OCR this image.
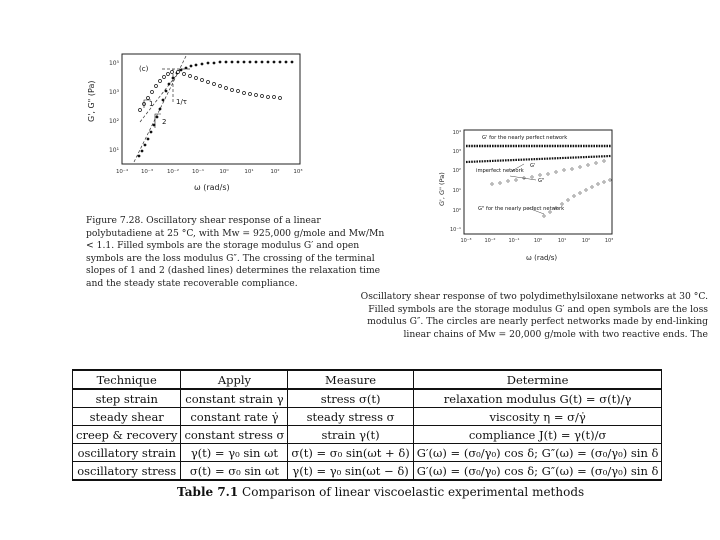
G', G" (Pa)
10⁵
10³
10²
10¹
10⁻⁴ 10⁻³	10⁻² 10⁻¹	10⁰	10¹	10²	10³
ω (rad/s)
(c)
1/τ
1
2
Figure 7.28. Oscillatory shear response of a linear polybutadiene at 25 °C, with Mw = 925,000 g/mole and Mw/Mn < 1.1. Filled symbols are the storage modulus G′ and open symbols are the loss modulus G″. The crossing of the terminal slopes of 1 and 2 (dashed lines) determines the relaxation time and the steady state recoverable compliance.
G', G" (Pa)
10⁴
10³
10²
10¹
10⁰
10⁻¹
10⁻³	10⁻²	10⁻¹	10⁰	10¹	10²	10³
ω (rad/s)
G' for the nearly perfect network
imperfect network
G'
G"
G" for the nearly perfect network
Oscillatory shear response of two polydimethylsiloxane networks at 30 °C. Filled symbols are the storage modulus G′ and open symbols are the loss modulus G″. The circles are nearly perfect networks made by end-linking linear chains of Mw = 20,000 g/mole with two reactive ends. The
Technique	Apply	Measure	Determine
step strain	constant strain γ	stress σ(t)	relaxation modulus G(t) = σ(t)/γ
steady shear	constant rate γ̇	steady stress σ	viscosity η = σ/γ̇
creep & recovery	constant stress σ	strain γ(t)	compliance J(t) = γ(t)/σ
oscillatory strain	γ(t) = γ₀ sin ωt	σ(t) = σ₀ sin(ωt + δ)	G′(ω) = (σ₀/γ₀) cos δ; G″(ω) = (σ₀/γ₀) sin δ
oscillatory stress	σ(t) = σ₀ sin ωt	γ(t) = γ₀ sin(ωt − δ)	G′(ω) = (σ₀/γ₀) cos δ; G″(ω) = (σ₀/γ₀) sin δ
Table 7.1 Comparison of linear viscoelastic experimental methods
